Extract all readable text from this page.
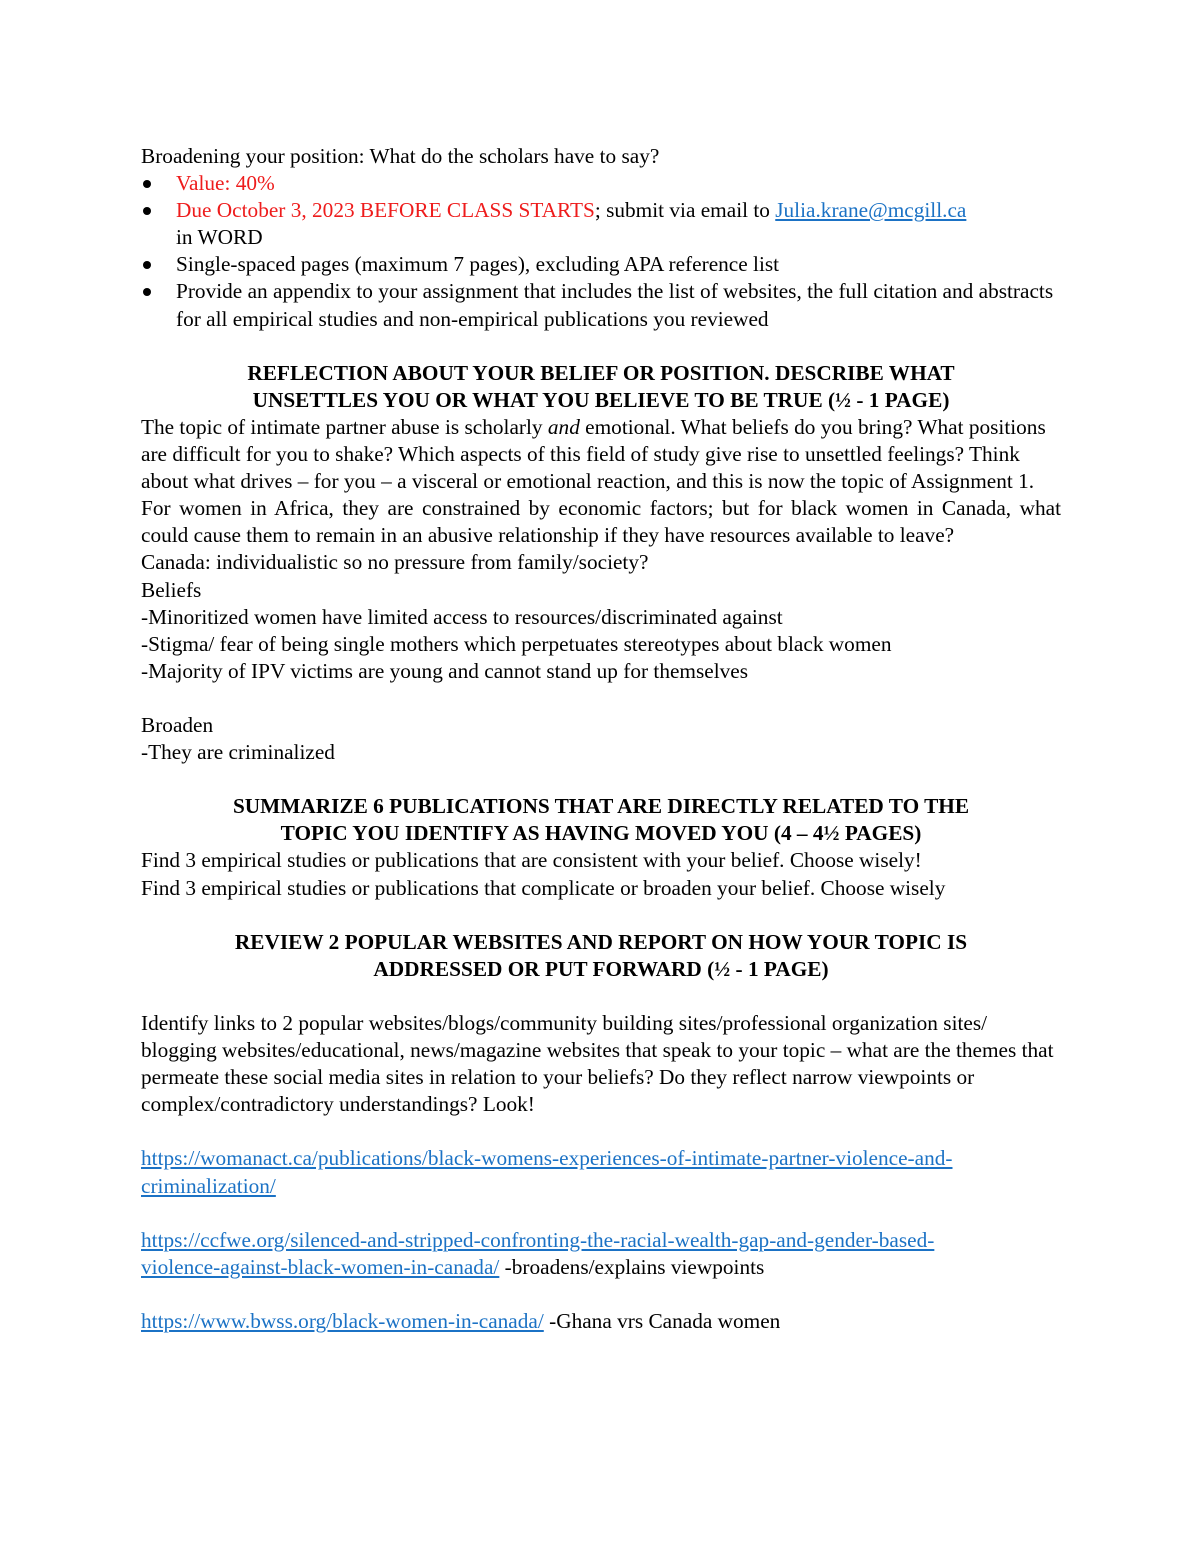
Broadening your position: What do the scholars have to say?

Value: 40%
Due October 3, 2023 BEFORE CLASS STARTS; submit via email to Julia.krane@mcgill.ca
in WORD
Single-spaced pages (maximum 7 pages), excluding APA reference list
Provide an appendix to your assignment that includes the list of websites, the full citation and abstracts for all empirical studies and non-empirical publications you reviewed
REFLECTION ABOUT YOUR BELIEF OR POSITION. DESCRIBE WHAT
UNSETTLES YOU OR WHAT YOU BELIEVE TO BE TRUE (½ - 1 PAGE)

The topic of intimate partner abuse is scholarly and emotional. What beliefs do you bring? What positions are difficult for you to shake? Which aspects of this field of study give rise to unsettled feelings? Think about what drives – for you – a visceral or emotional reaction, and this is now the topic of Assignment 1.

For women in Africa, they are constrained by economic factors; but for black women in Canada, what could cause them to remain in an abusive relationship if they have resources available to leave?

Canada: individualistic so no pressure from family/society?

Beliefs

-Minoritized women have limited access to resources/discriminated against

-Stigma/ fear of being single mothers which perpetuates stereotypes about black women

-Majority of IPV victims are young and cannot stand up for themselves

Broaden

-They are criminalized

SUMMARIZE 6 PUBLICATIONS THAT ARE DIRECTLY RELATED TO THE
TOPIC YOU IDENTIFY AS HAVING MOVED YOU (4 – 4½ PAGES)

Find 3 empirical studies or publications that are consistent with your belief. Choose wisely!

Find 3 empirical studies or publications that complicate or broaden your belief. Choose wisely

REVIEW 2 POPULAR WEBSITES AND REPORT ON HOW YOUR TOPIC IS
ADDRESSED OR PUT FORWARD (½ - 1 PAGE)

Identify links to 2 popular websites/blogs/community building sites/professional organization sites/ blogging websites/educational, news/magazine websites that speak to your topic – what are the themes that permeate these social media sites in relation to your beliefs? Do they reflect narrow viewpoints or complex/contradictory understandings? Look!

https://womanact.ca/publications/black-womens-experiences-of-intimate-partner-violence-and-
criminalization/

https://ccfwe.org/silenced-and-stripped-confronting-the-racial-wealth-gap-and-gender-based-
violence-against-black-women-in-canada/ -broadens/explains viewpoints

https://www.bwss.org/black-women-in-canada/ -Ghana vrs Canada women
